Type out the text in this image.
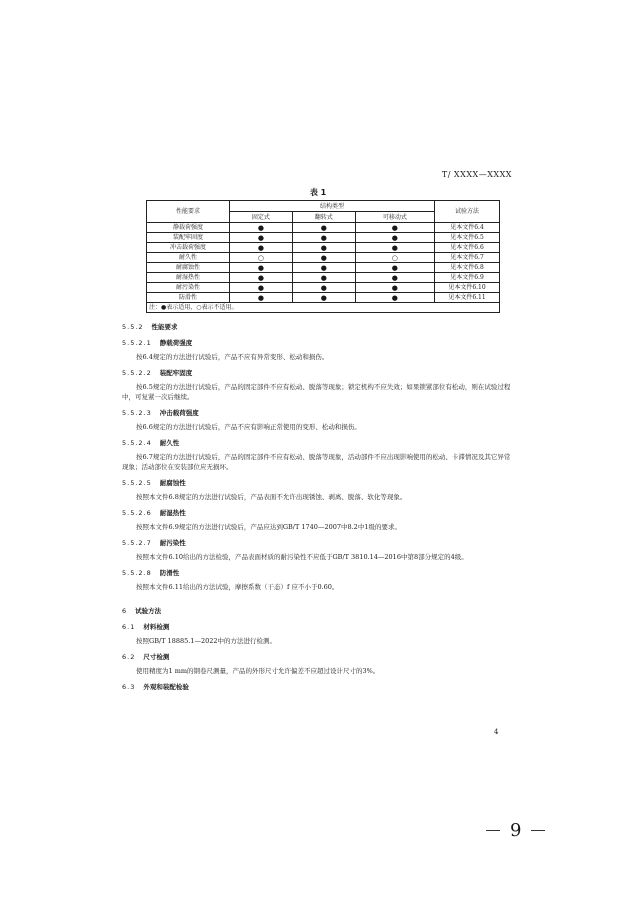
T/ XXXX—XXXX
表 1
性能要求	结构类型			试验方法
	固定式	翻转式	可移动式	
静载荷强度	●	●	●	见本文件6.4
装配牢固度	●	●	●	见本文件6.5
冲击载荷强度	●	●	●	见本文件6.6
耐久性	○	●	○	见本文件6.7
耐腐蚀性	●	●	●	见本文件6.8
耐湿热性	●	●	●	见本文件6.9
耐污染性	●	●	●	见本文件6.10
防滑性	●	●	●	见本文件6.11
注：●表示适用，○表示不适用。				
5.5.2 性能要求
5.5.2.1 静载荷强度
按6.4规定的方法进行试验后，产品不应有异常变形、松动和损伤。
5.5.2.2 装配牢固度
按6.5规定的方法进行试验后，产品的固定部件不应有松动、脱落等现象；锁定机构不应失效；如果锁紧部位有松动，则在试验过程中，可复紧一次后继续。
5.5.2.3 冲击载荷强度
按6.6规定的方法进行试验后，产品不应有影响正常使用的变形、松动和损伤。
5.5.2.4 耐久性
按6.7规定的方法进行试验后，产品的固定部件不应有松动、脱落等现象，活动部件不应出现影响使用的松动、卡滞情况及其它异常现象；活动部位在安装部位应无损坏。
5.5.2.5 耐腐蚀性
按照本文件6.8规定的方法进行试验后，产品表面不允许出现锈蚀、剥离、脱落、软化等现象。
5.5.2.6 耐湿热性
按照本文件6.9规定的方法进行试验后，产品应达到GB/T 1740—2007中8.2中1级的要求。
5.5.2.7 耐污染性
按照本文件6.10给出的方法检验，产品表面材质的耐污染性不应低于GB/T 3810.14—2016中第8部分规定的4级。
5.5.2.8 防滑性
按照本文件6.11给出的方法试验，摩擦系数（干态）f 应不小于0.60。
6 试验方法
6.1 材料检测
按照GB/T 18885.1—2022中的方法进行检测。
6.2 尺寸检测
使用精度为1 mm的钢卷尺测量，产品的外形尺寸允许偏差不应超过设计尺寸的3%。
6.3 外观和装配检验
4
9
